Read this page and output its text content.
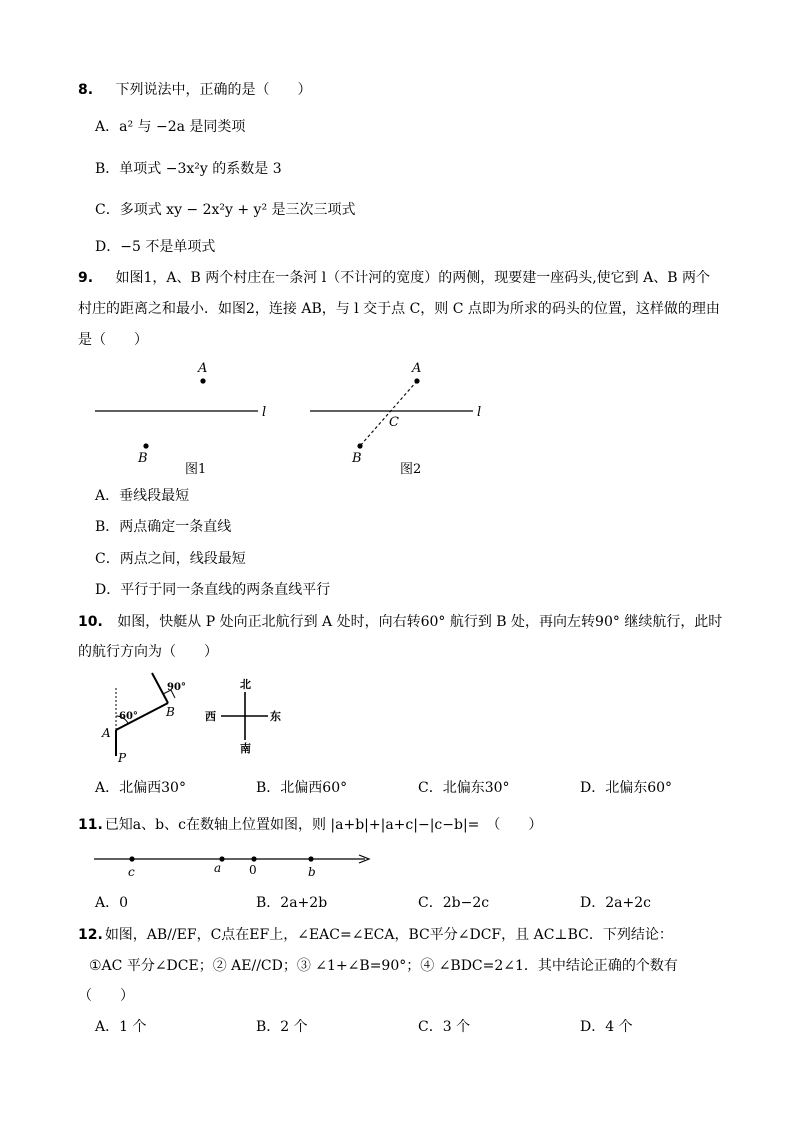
8. 下列说法中，正确的是（　　）
A．a² 与 −2a 是同类项
B．单项式 −3x²y 的系数是 3
C．多项式 xy − 2x²y + y² 是三次三项式
D．−5 不是单项式
9. 如图1，A、B 两个村庄在一条河 l（不计河的宽度）的两侧，现要建一座码头,使它到 A、B 两个
村庄的距离之和最小．如图2，连接 AB，与 l 交于点 C，则 C 点即为所求的码头的位置，这样做的理由
是（　　）
A
B
l
图1
A
B
C
l
图2
A．垂线段最短
B．两点确定一条直线
C．两点之间，线段最短
D．平行于同一条直线的两条直线平行
10. 如图，快艇从 P 处向正北航行到 A 处时，向右转60° 航行到 B 处，再向左转90° 继续航行，此时
的航行方向为（　　）
60°
90°
A
B
P
北
南
西	东
A．北偏西30°	B．北偏西60°	C．北偏东30°	D．北偏东60°
11. 已知a、b、c在数轴上位置如图，则 |a+b|+|a+c|−|c−b|=　（　　）
c	a 0	b
A．0	B．2a+2b	C．2b−2c	D．2a+2c
12. 如图，AB//EF，C点在EF上，∠EAC=∠ECA，BC平分∠DCF，且 AC⊥BC．下列结论：
①AC 平分∠DCE；② AE//CD；③ ∠1+∠B=90°；④ ∠BDC=2∠1．其中结论正确的个数有
（　　）
A．1 个	B．2 个	C．3 个	D．4 个
